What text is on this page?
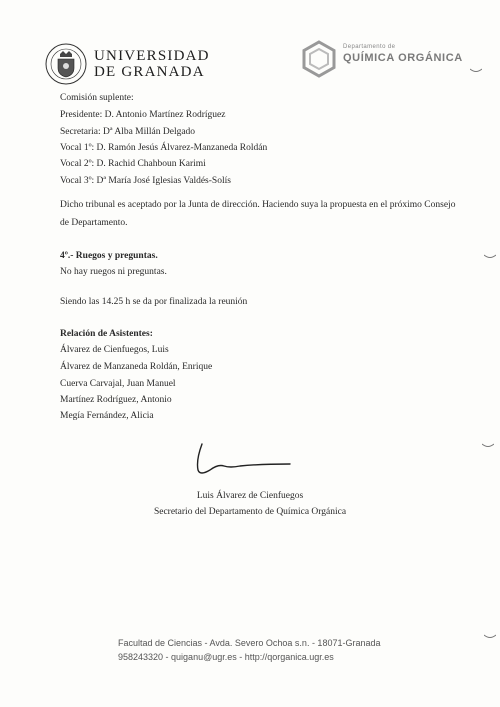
UNIVERSIDAD
DE GRANADA
Departamento de
QUÍMICA ORGÁNICA
Comisión suplente:
Presidente: D. Antonio Martínez Rodríguez
Secretaria: Dª Alba Millán Delgado
Vocal 1º: D. Ramón Jesús Álvarez-Manzaneda Roldán
Vocal 2º: D. Rachid Chahboun Karimi
Vocal 3º: Dª María José Iglesias Valdés-Solís
Dicho tribunal es aceptado por la Junta de dirección. Haciendo suya la propuesta en el próximo Consejo
de Departamento.
4º.- Ruegos y preguntas.
No hay ruegos ni preguntas.
Siendo las 14.25 h se da por finalizada la reunión
Relación de Asistentes:
Álvarez de Cienfuegos, Luis
Álvarez de Manzaneda Roldán, Enrique
Cuerva Carvajal, Juan Manuel
Martínez Rodríguez, Antonio
Megía Fernández, Alicia
Luis Álvarez de Cienfuegos
Secretario del Departamento de Química Orgánica
Facultad de Ciencias - Avda. Severo Ochoa s.n. - 18071-Granada
958243320 - quiganu@ugr.es - http://qorganica.ugr.es
